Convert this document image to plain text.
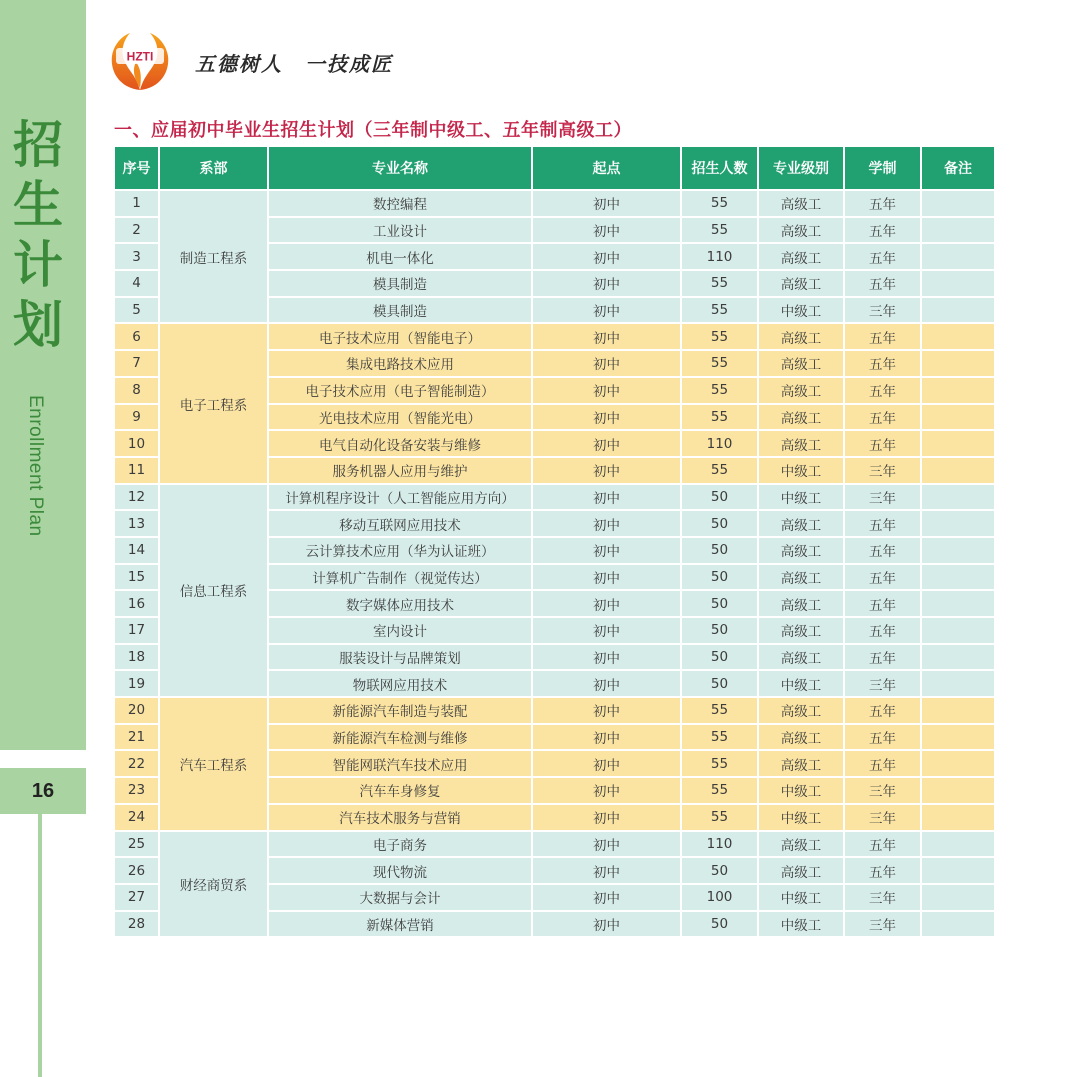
招
生
计
划
Enrollment Plan
16
HZTI 五德树人　一技成匠
一、应届初中毕业生招生计划（三年制中级工、五年制高级工）
序号	系部	专业名称	起点	招生人数	专业级别	学制	备注
1	制造工程系	数控编程	初中	55	高级工	五年	
2		工业设计	初中	55	高级工	五年	
3		机电一体化	初中	110	高级工	五年	
4		模具制造	初中	55	高级工	五年	
5		模具制造	初中	55	中级工	三年	
6	电子工程系	电子技术应用（智能电子）	初中	55	高级工	五年	
7		集成电路技术应用	初中	55	高级工	五年	
8		电子技术应用（电子智能制造）	初中	55	高级工	五年	
9		光电技术应用（智能光电）	初中	55	高级工	五年	
10		电气自动化设备安装与维修	初中	110	高级工	五年	
11		服务机器人应用与维护	初中	55	中级工	三年	
12	信息工程系	计算机程序设计（人工智能应用方向）	初中	50	中级工	三年	
13		移动互联网应用技术	初中	50	高级工	五年	
14		云计算技术应用（华为认证班）	初中	50	高级工	五年	
15		计算机广告制作（视觉传达）	初中	50	高级工	五年	
16		数字媒体应用技术	初中	50	高级工	五年	
17		室内设计	初中	50	高级工	五年	
18		服装设计与品牌策划	初中	50	高级工	五年	
19		物联网应用技术	初中	50	中级工	三年	
20	汽车工程系	新能源汽车制造与装配	初中	55	高级工	五年	
21		新能源汽车检测与维修	初中	55	高级工	五年	
22		智能网联汽车技术应用	初中	55	高级工	五年	
23		汽车车身修复	初中	55	中级工	三年	
24		汽车技术服务与营销	初中	55	中级工	三年	
25	财经商贸系	电子商务	初中	110	高级工	五年	
26		现代物流	初中	50	高级工	五年	
27		大数据与会计	初中	100	中级工	三年	
28		新媒体营销	初中	50	中级工	三年	
